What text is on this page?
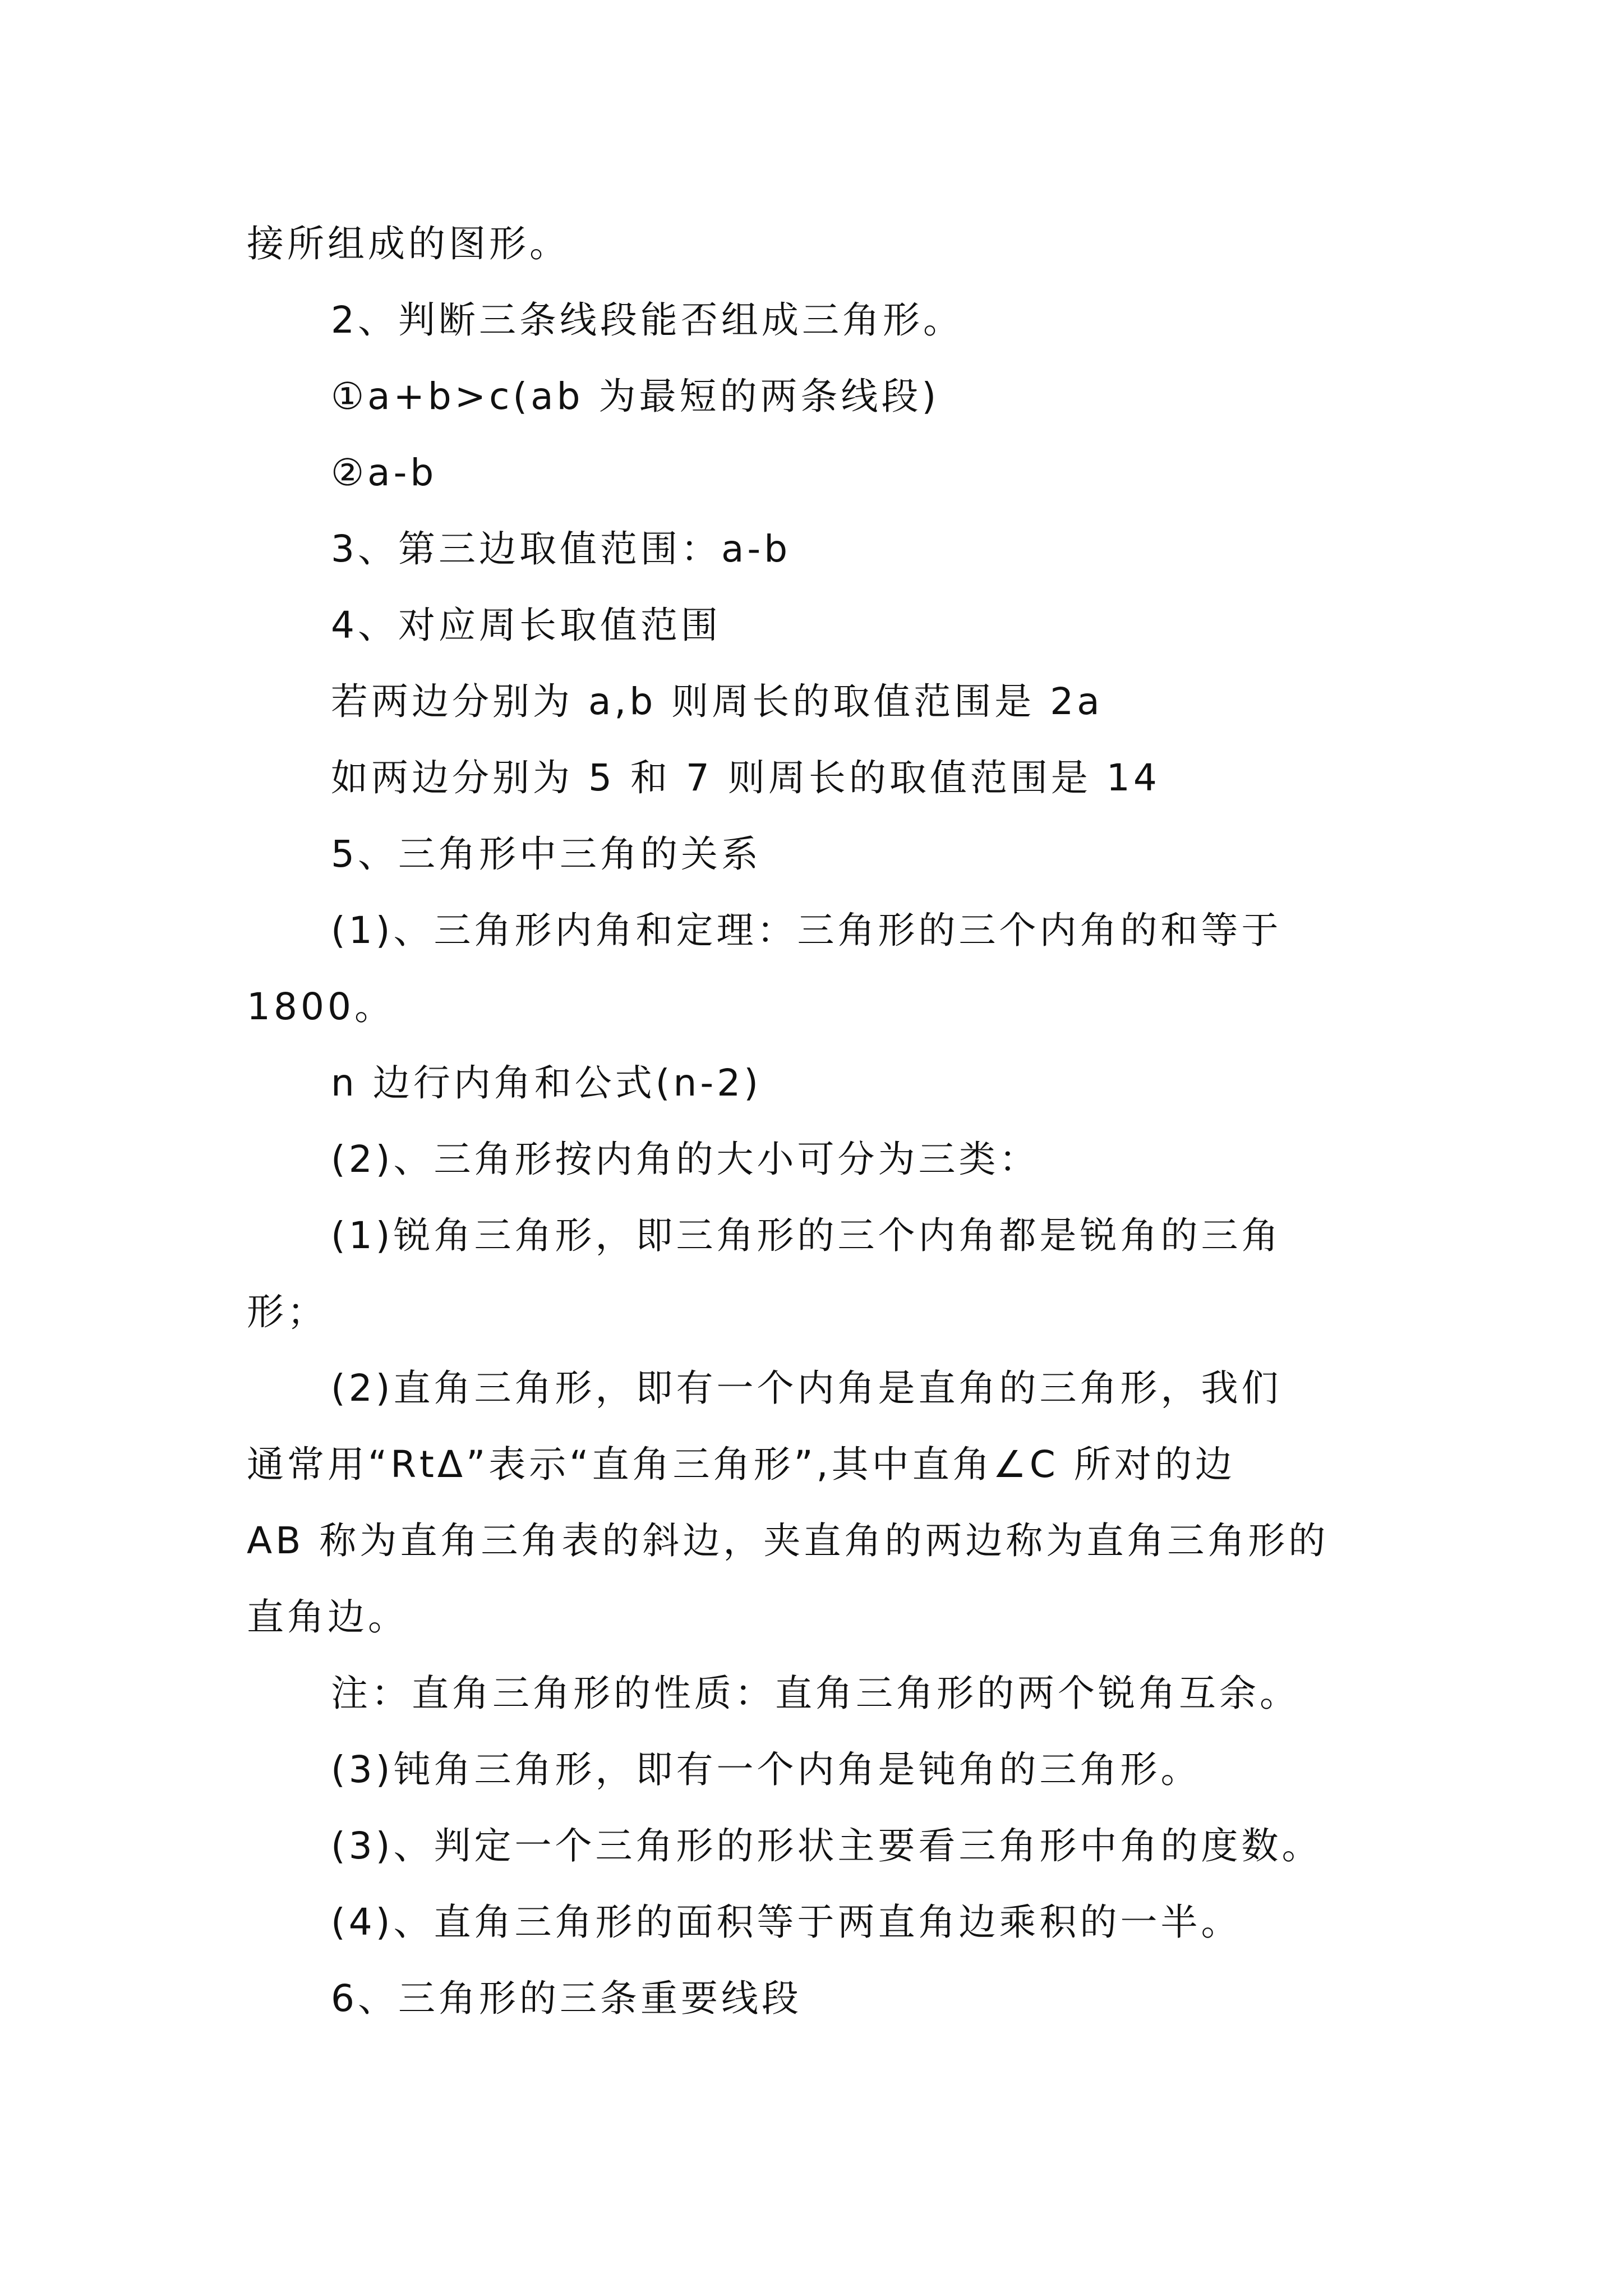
接所组成的图形。
2、判断三条线段能否组成三角形。
①a+b>c(ab 为最短的两条线段)
②a-b
3、第三边取值范围：a-b
4、对应周长取值范围
若两边分别为 a,b 则周长的取值范围是 2a
如两边分别为 5 和 7 则周长的取值范围是 14
5、三角形中三角的关系
(1)、三角形内角和定理：三角形的三个内角的和等于
1800。
n 边行内角和公式(n-2)
(2)、三角形按内角的大小可分为三类：
(1)锐角三角形，即三角形的三个内角都是锐角的三角
形；
(2)直角三角形，即有一个内角是直角的三角形，我们
通常用“RtΔ”表示“直角三角形”,其中直角∠C 所对的边
AB 称为直角三角表的斜边，夹直角的两边称为直角三角形的
直角边。
注：直角三角形的性质：直角三角形的两个锐角互余。
(3)钝角三角形，即有一个内角是钝角的三角形。
(3)、判定一个三角形的形状主要看三角形中角的度数。
(4)、直角三角形的面积等于两直角边乘积的一半。
6、三角形的三条重要线段
